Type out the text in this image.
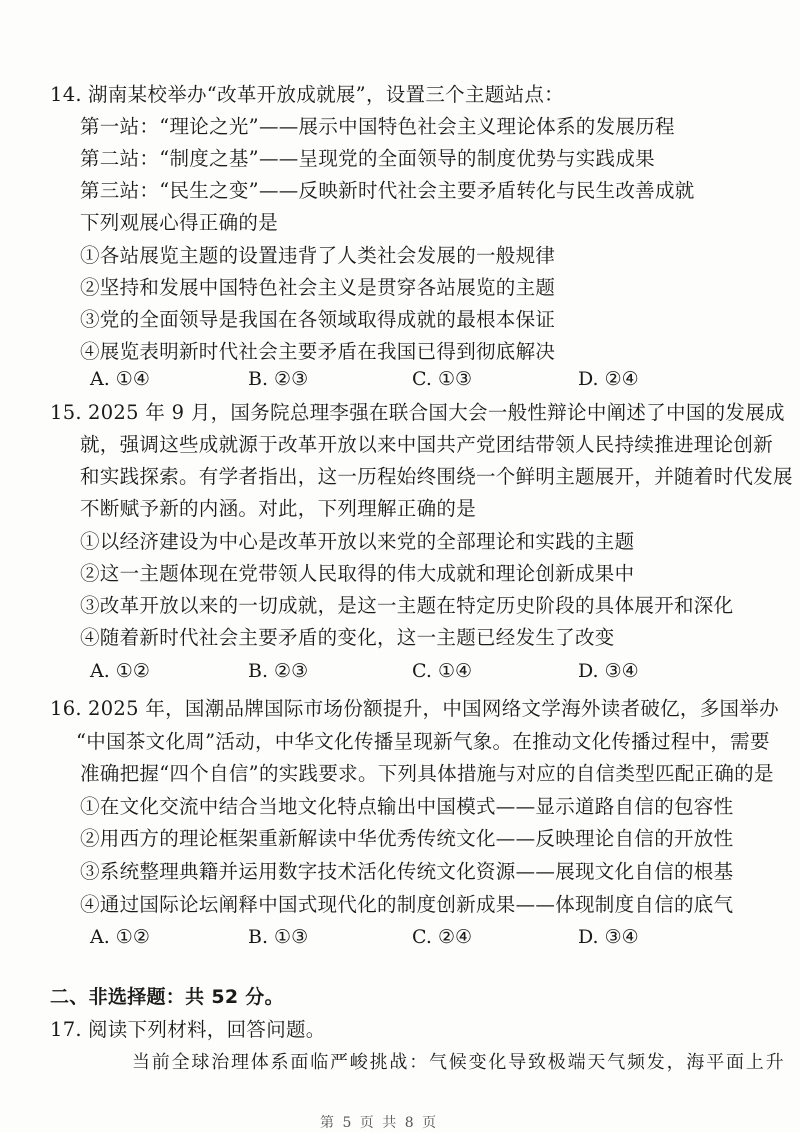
14. 湖南某校举办“改革开放成就展”，设置三个主题站点：
第一站：“理论之光”——展示中国特色社会主义理论体系的发展历程
第二站：“制度之基”——呈现党的全面领导的制度优势与实践成果
第三站：“民生之变”——反映新时代社会主要矛盾转化与民生改善成就
下列观展心得正确的是
①各站展览主题的设置违背了人类社会发展的一般规律
②坚持和发展中国特色社会主义是贯穿各站展览的主题
③党的全面领导是我国在各领域取得成就的最根本保证
④展览表明新时代社会主要矛盾在我国已得到彻底解决
A. ①④	B. ②③	C. ①③	D. ②④
15. 2025 年 9 月，国务院总理李强在联合国大会一般性辩论中阐述了中国的发展成
就，强调这些成就源于改革开放以来中国共产党团结带领人民持续推进理论创新
和实践探索。有学者指出，这一历程始终围绕一个鲜明主题展开，并随着时代发展
不断赋予新的内涵。对此，下列理解正确的是
①以经济建设为中心是改革开放以来党的全部理论和实践的主题
②这一主题体现在党带领人民取得的伟大成就和理论创新成果中
③改革开放以来的一切成就，是这一主题在特定历史阶段的具体展开和深化
④随着新时代社会主要矛盾的变化，这一主题已经发生了改变
A. ①②	B. ②③	C. ①④	D. ③④
16. 2025 年，国潮品牌国际市场份额提升，中国网络文学海外读者破亿，多国举办
“中国茶文化周”活动，中华文化传播呈现新气象。在推动文化传播过程中，需要
准确把握“四个自信”的实践要求。下列具体措施与对应的自信类型匹配正确的是
①在文化交流中结合当地文化特点输出中国模式——显示道路自信的包容性
②用西方的理论框架重新解读中华优秀传统文化——反映理论自信的开放性
③系统整理典籍并运用数字技术活化传统文化资源——展现文化自信的根基
④通过国际论坛阐释中国式现代化的制度创新成果——体现制度自信的底气
A. ①②	B. ①③	C. ②④	D. ③④
二、非选择题：共 52 分。
17. 阅读下列材料，回答问题。
当前全球治理体系面临严峻挑战：气候变化导致极端天气频发，海平面上升
第 5 页 共 8 页
